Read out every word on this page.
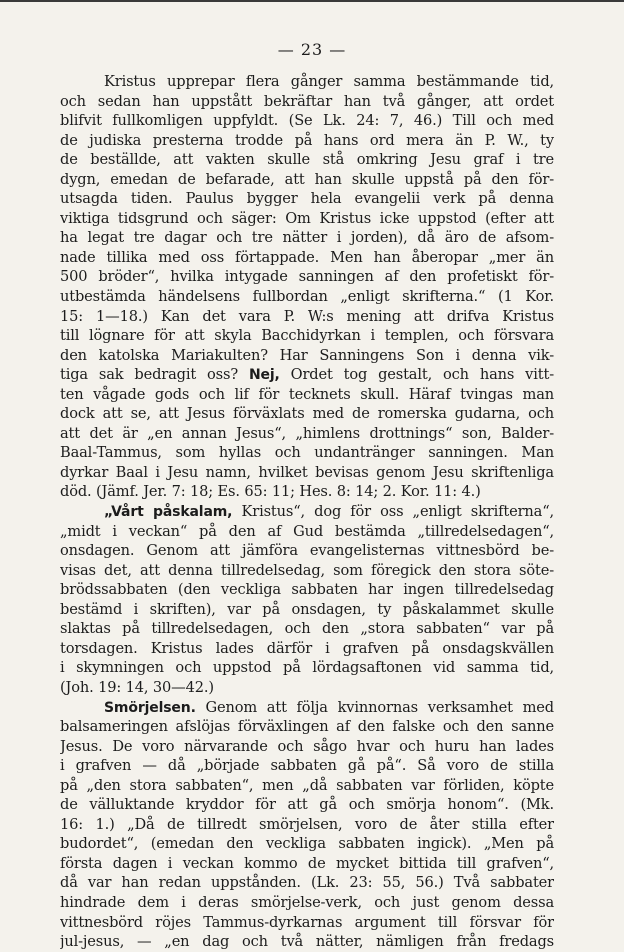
— 23 —
Kristus upprepar flera gånger samma bestämmande tid,
och sedan han uppstått bekräftar han två gånger, att ordet
blifvit fullkomligen uppfyldt. (Se Lk. 24: 7, 46.) Till och med
de judiska presterna trodde på hans ord mera än P. W., ty
de beställde, att vakten skulle stå omkring Jesu graf i tre
dygn, emedan de befarade, att han skulle uppstå på den för-
utsagda tiden. Paulus bygger hela evangelii verk på denna
viktiga tidsgrund och säger: Om Kristus icke uppstod (efter att
ha legat tre dagar och tre nätter i jorden), då äro de afsom-
nade tillika med oss förtappade. Men han åberopar „mer än
500 bröder“, hvilka intygade sanningen af den profetiskt för-
utbestämda händelsens fullbordan „enligt skrifterna.“ (1 Kor.
15: 1—18.) Kan det vara P. W:s mening att drifva Kristus
till lögnare för att skyla Bacchidyrkan i templen, och försvara
den katolska Mariakulten? Har Sanningens Son i denna vik-
tiga sak bedragit oss? Nej, Ordet tog gestalt, och hans vitt-
ten vågade gods och lif för tecknets skull. Häraf tvingas man
dock att se, att Jesus förväxlats med de romerska gudarna, och
att det är „en annan Jesus“, „himlens drottnings“ son, Balder-
Baal-Tammus, som hyllas och undantränger sanningen. Man
dyrkar Baal i Jesu namn, hvilket bevisas genom Jesu skriftenliga
död. (Jämf. Jer. 7: 18; Es. 65: 11; Hes. 8: 14; 2. Kor. 11: 4.)
„Vårt påskalam, Kristus“, dog för oss „enligt skrifterna“,
„midt i veckan“ på den af Gud bestämda „tillredelsedagen“,
onsdagen. Genom att jämföra evangelisternas vittnesbörd be-
visas det, att denna tillredelsedag, som föregick den stora söte-
brödssabbaten (den veckliga sabbaten har ingen tillredelsedag
bestämd i skriften), var på onsdagen, ty påskalammet skulle
slaktas på tillredelsedagen, och den „stora sabbaten“ var på
torsdagen. Kristus lades därför i grafven på onsdagskvällen
i skymningen och uppstod på lördagsaftonen vid samma tid,
(Joh. 19: 14, 30—42.)
Smörjelsen. Genom att följa kvinnornas verksamhet med
balsameringen afslöjas förväxlingen af den falske och den sanne
Jesus. De voro närvarande och sågo hvar och huru han lades
i grafven — då „började sabbaten gå på“. Så voro de stilla
på „den stora sabbaten“, men „då sabbaten var förliden, köpte
de välluktande kryddor för att gå och smörja honom“. (Mk.
16: 1.) „Då de tillredt smörjelsen, voro de åter stilla efter
budordet“, (emedan den veckliga sabbaten ingick). „Men på
första dagen i veckan kommo de mycket bittida till grafven“,
då var han redan uppstånden. (Lk. 23: 55, 56.) Två sabbater
hindrade dem i deras smörjelse-verk, och just genom dessa
vittnesbörd röjes Tammus-dyrkarnas argument till försvar för
jul-jesus, — „en dag och två nätter, nämligen från fredags
